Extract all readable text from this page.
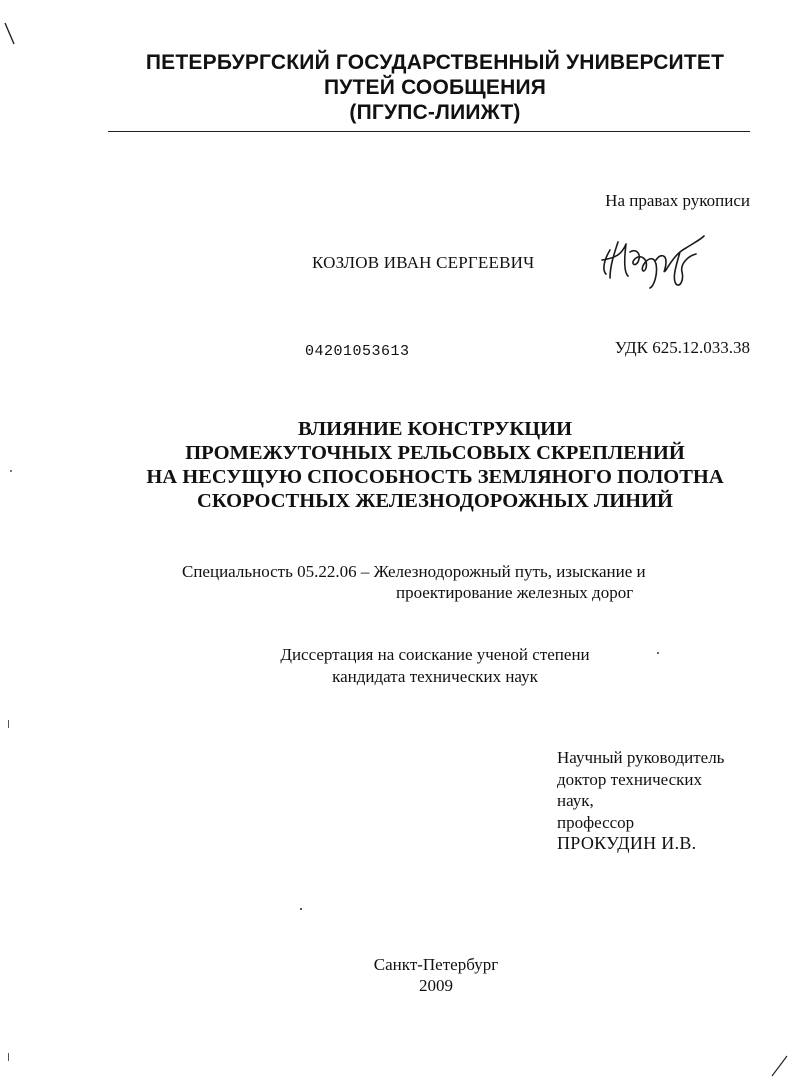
ПЕТЕРБУРГСКИЙ ГОСУДАРСТВЕННЫЙ УНИВЕРСИТЕТ
ПУТЕЙ СООБЩЕНИЯ
(ПГУПС-ЛИИЖТ)
На правах рукописи
КОЗЛОВ ИВАН СЕРГЕЕВИЧ
04201053613	УДК 625.12.033.38
ВЛИЯНИЕ КОНСТРУКЦИИ
ПРОМЕЖУТОЧНЫХ РЕЛЬСОВЫХ СКРЕПЛЕНИЙ
НА НЕСУЩУЮ СПОСОБНОСТЬ ЗЕМЛЯНОГО ПОЛОТНА
СКОРОСТНЫХ ЖЕЛЕЗНОДОРОЖНЫХ ЛИНИЙ
Специальность 05.22.06 – Железнодорожный путь, изыскание и
проектирование железных дорог
Диссертация на соискание ученой степени
кандидата технических наук
Научный руководитель
доктор технических
наук,
профессор
ПРОКУДИН И.В.
Санкт-Петербург
2009
